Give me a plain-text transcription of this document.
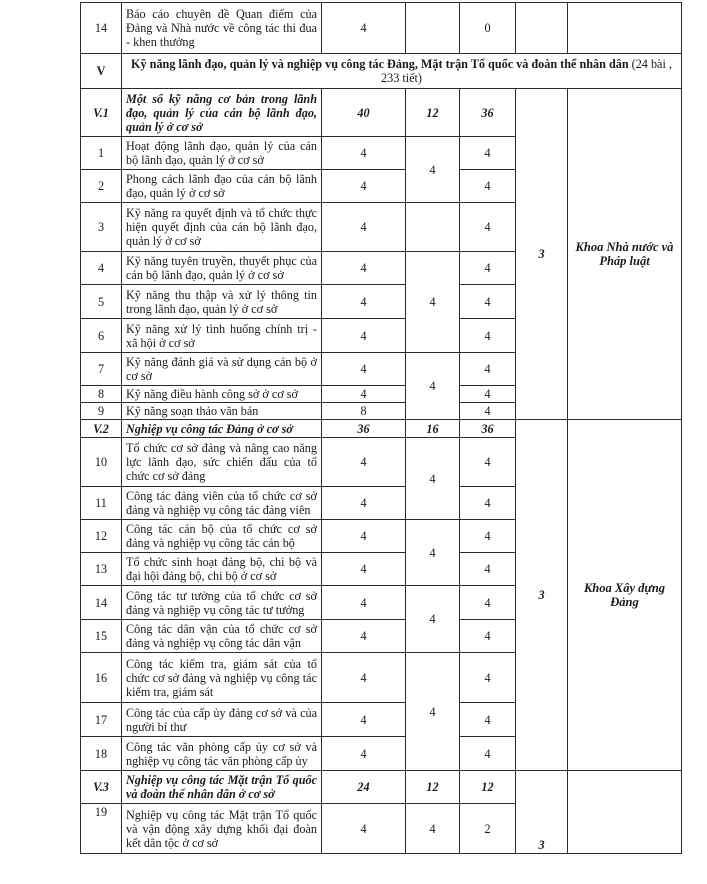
14	Báo cáo chuyên đề Quan điểm của Đảng và Nhà nước về công tác thi đua - khen thưởng	4		0		
V	Kỹ năng lãnh đạo, quản lý và nghiệp vụ công tác Đảng, Mặt trận Tổ quốc và đoàn thể nhân dân (24 bài , 233 tiết)					
V.1	Một số kỹ năng cơ bản trong lãnh đạo, quản lý của cán bộ lãnh đạo, quản lý ở cơ sở	40	12	36	3	Khoa Nhà nước và Pháp luật
1	Hoạt động lãnh đạo, quản lý của cán bộ lãnh đạo, quản lý ở cơ sở	4	4	4		
2	Phong cách lãnh đạo của cán bộ lãnh đạo, quản lý ở cơ sở	4		4		
3	Kỹ năng ra quyết định và tổ chức thực hiện quyết định của cán bộ lãnh đạo, quản lý ở cơ sở	4		4		
4	Kỹ năng tuyên truyền, thuyết phục của cán bộ lãnh đạo, quản lý ở cơ sở	4	4	4		
5	Kỹ năng thu thập và xử lý thông tin trong lãnh đạo, quản lý ở cơ sở	4		4		
6	Kỹ năng xử lý tình huống chính trị - xã hội ở cơ sở	4		4		
7	Kỹ năng đánh giá và sử dụng cán bộ ở cơ sở	4	4	4		
8	Kỹ năng điều hành công sở ở cơ sở	4		4		
9	Kỹ năng soạn thảo văn bản	8		4		
V.2	Nghiệp vụ công tác Đảng ở cơ sở	36	16	36	3	Khoa Xây dựng Đảng
10	Tổ chức cơ sở đảng và nâng cao năng lực lãnh đạo, sức chiến đấu của tổ chức cơ sở đảng	4	4	4		
11	Công tác đảng viên của tổ chức cơ sở đảng và nghiệp vụ công tác đảng viên	4		4		
12	Công tác cán bộ của tổ chức cơ sở đảng và nghiệp vụ công tác cán bộ	4	4	4		
13	Tổ chức sinh hoạt đảng bộ, chi bộ và đại hội đảng bộ, chi bộ ở cơ sở	4		4		
14	Công tác tư tưởng của tổ chức cơ sở đảng và nghiệp vụ công tác tư tưởng	4	4	4		
15	Công tác dân vận của tổ chức cơ sở đảng và nghiệp vụ công tác dân vận	4		4		
16	Công tác kiểm tra, giám sát của tổ chức cơ sở đảng và nghiệp vụ công tác kiểm tra, giám sát	4	4	4		
17	Công tác của cấp ủy đảng cơ sở và của người bí thư	4		4		
18	Công tác văn phòng cấp ủy cơ sở và nghiệp vụ công tác văn phòng cấp ủy	4		4		
V.3	Nghiệp vụ công tác Mặt trận Tổ quốc và đoàn thể nhân dân ở cơ sở	24	12	12	3	
19	Nghiệp vụ công tác Mặt trận Tổ quốc và vận động xây dựng khối đại đoàn kết dân tộc ở cơ sở	4	4	2		
